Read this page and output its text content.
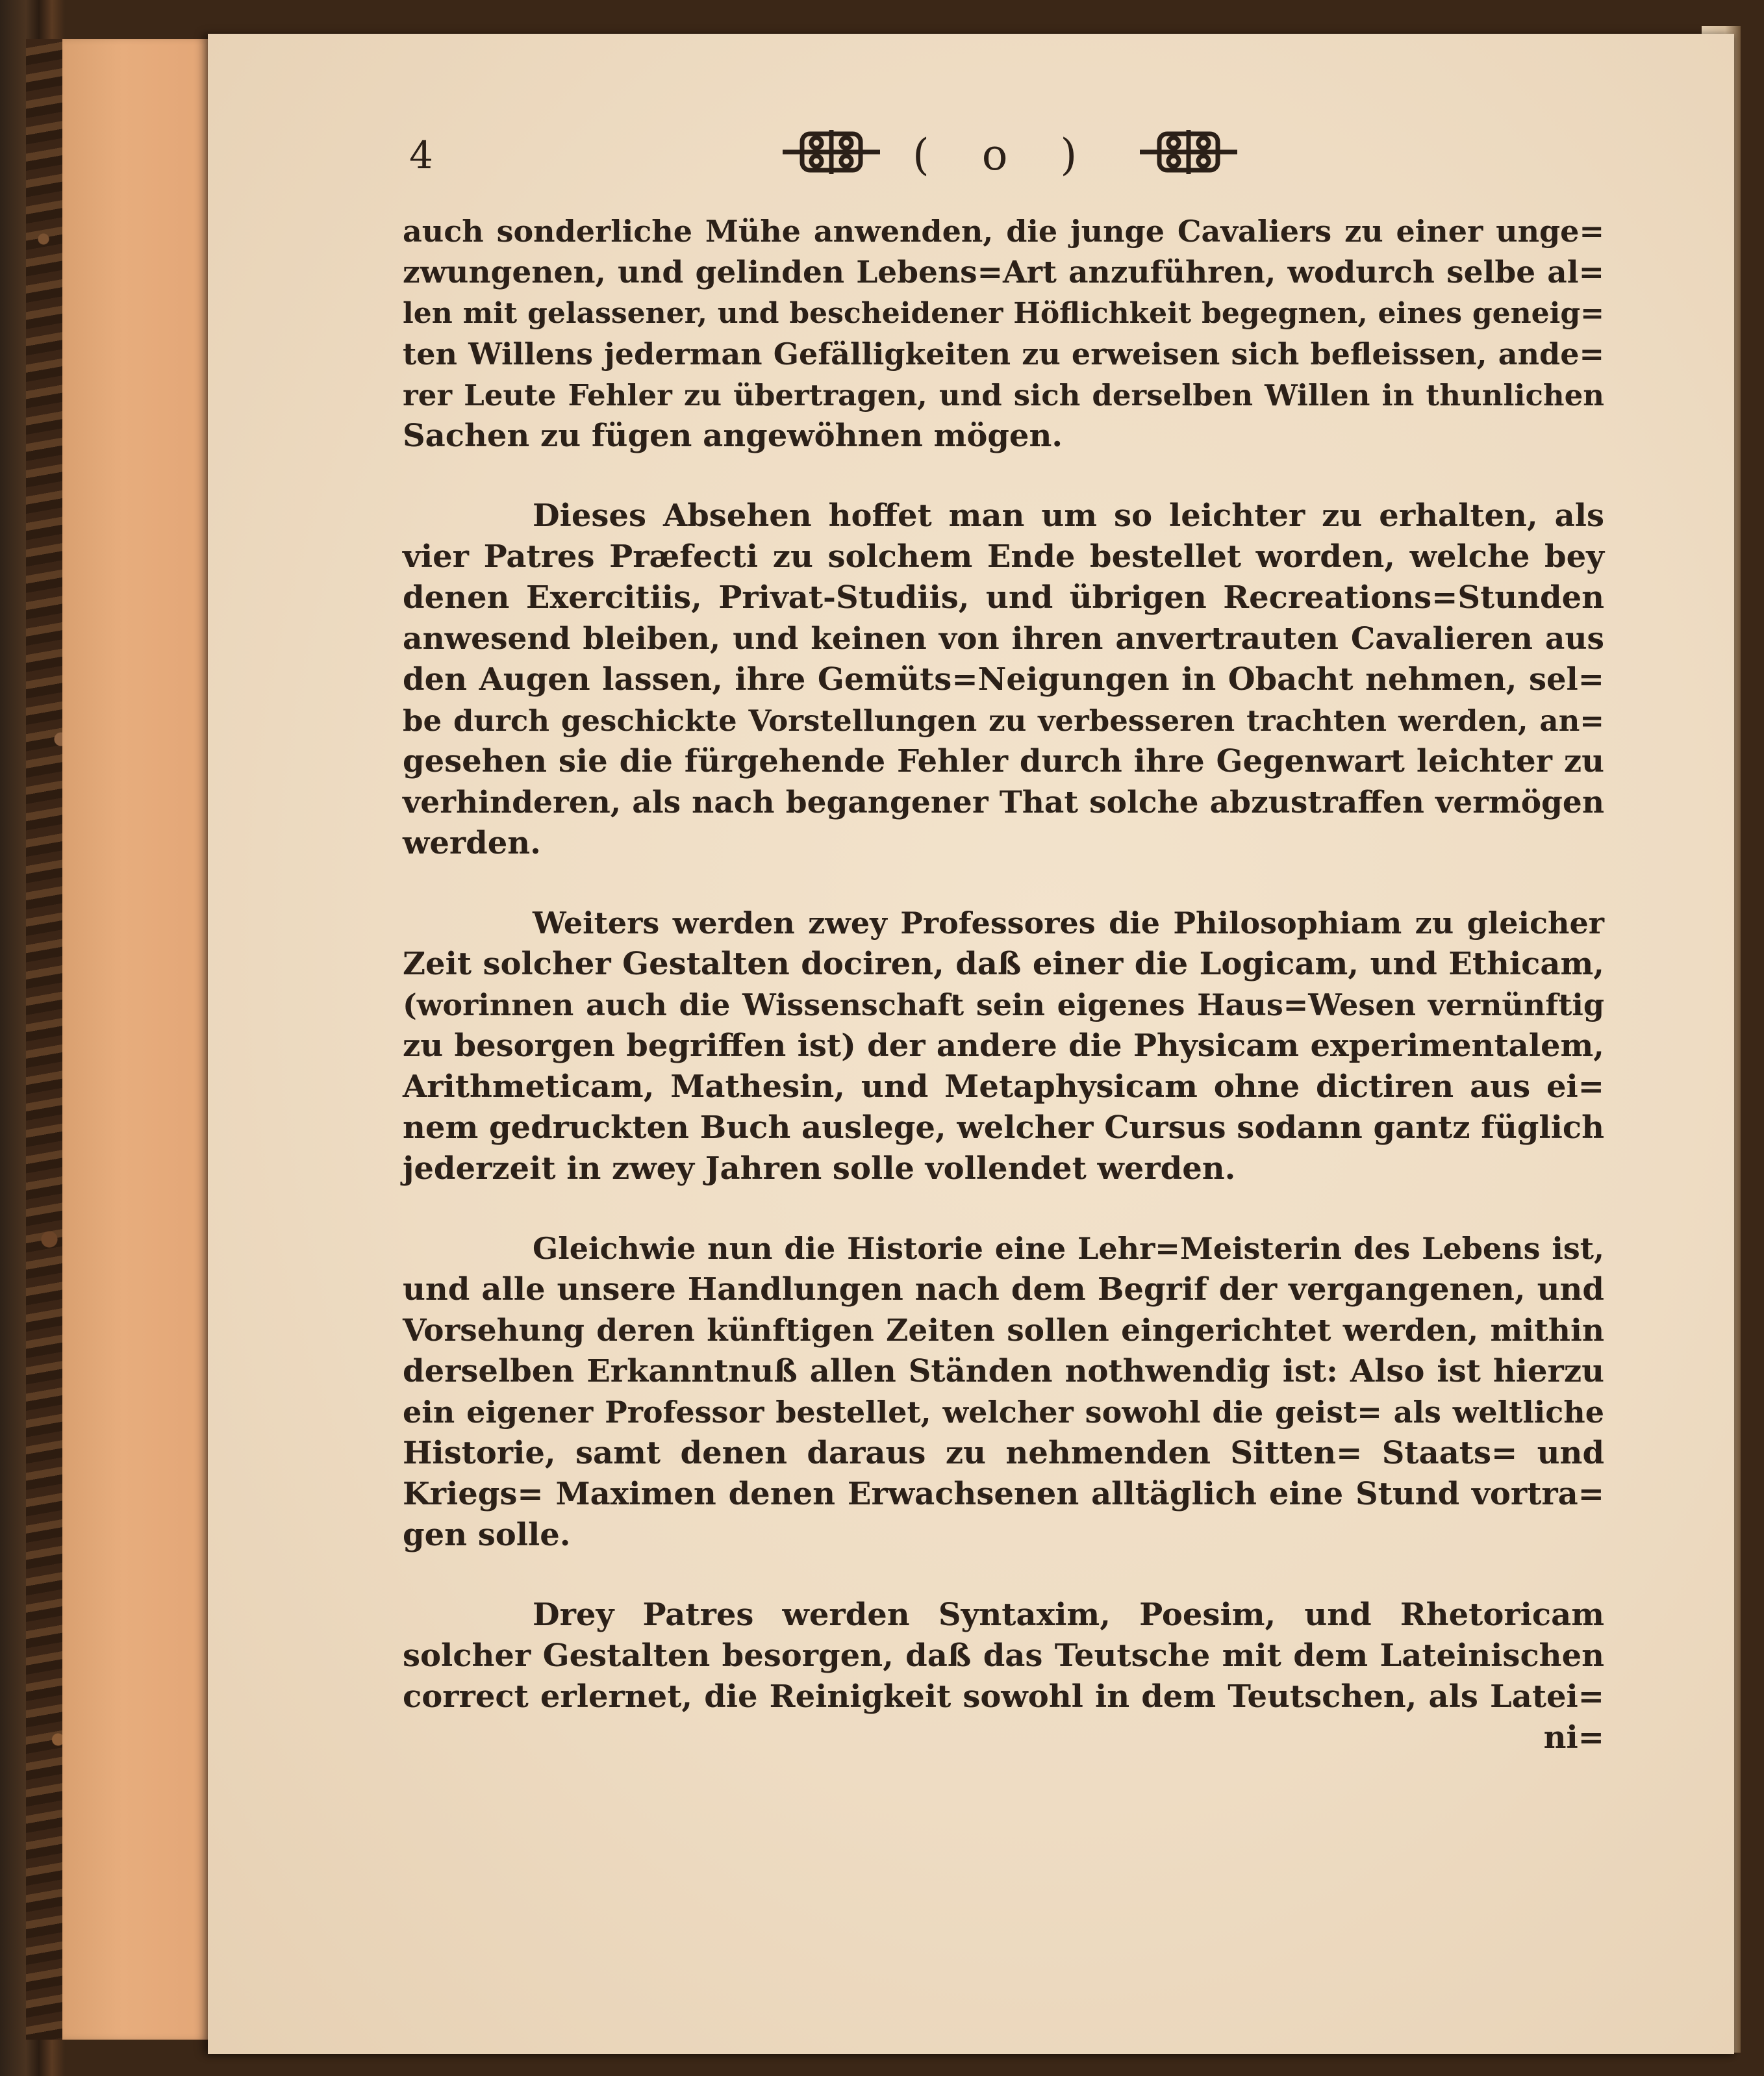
4	( o )
auch sonderliche Mühe anwenden, die junge Cavaliers zu einer unge=
zwungenen, und gelinden Lebens=Art anzuführen, wodurch selbe al=
len mit gelassener, und bescheidener Höflichkeit begegnen, eines geneig=
ten Willens jederman Gefälligkeiten zu erweisen sich befleissen, ande=
rer Leute Fehler zu übertragen, und sich derselben Willen in thunlichen
Sachen zu fügen angewöhnen mögen.
Dieses Absehen hoffet man um so leichter zu erhalten, als
vier Patres Præfecti zu solchem Ende bestellet worden, welche bey
denen Exercitiis, Privat-Studiis, und übrigen Recreations=Stunden
anwesend bleiben, und keinen von ihren anvertrauten Cavalieren aus
den Augen lassen, ihre Gemüts=Neigungen in Obacht nehmen, sel=
be durch geschickte Vorstellungen zu verbesseren trachten werden, an=
gesehen sie die fürgehende Fehler durch ihre Gegenwart leichter zu
verhinderen, als nach begangener That solche abzustraffen vermögen
werden.
Weiters werden zwey Professores die Philosophiam zu gleicher
Zeit solcher Gestalten dociren, daß einer die Logicam, und Ethicam,
(worinnen auch die Wissenschaft sein eigenes Haus=Wesen vernünftig
zu besorgen begriffen ist) der andere die Physicam experimentalem,
Arithmeticam, Mathesin, und Metaphysicam ohne dictiren aus ei=
nem gedruckten Buch auslege, welcher Cursus sodann gantz füglich
jederzeit in zwey Jahren solle vollendet werden.
Gleichwie nun die Historie eine Lehr=Meisterin des Lebens ist,
und alle unsere Handlungen nach dem Begrif der vergangenen, und
Vorsehung deren künftigen Zeiten sollen eingerichtet werden, mithin
derselben Erkanntnuß allen Ständen nothwendig ist: Also ist hierzu
ein eigener Professor bestellet, welcher sowohl die geist= als weltliche
Historie, samt denen daraus zu nehmenden Sitten= Staats= und
Kriegs= Maximen denen Erwachsenen alltäglich eine Stund vortra=
gen solle.
Drey Patres werden Syntaxim, Poesim, und Rhetoricam
solcher Gestalten besorgen, daß das Teutsche mit dem Lateinischen
correct erlernet, die Reinigkeit sowohl in dem Teutschen, als Latei=
ni=
